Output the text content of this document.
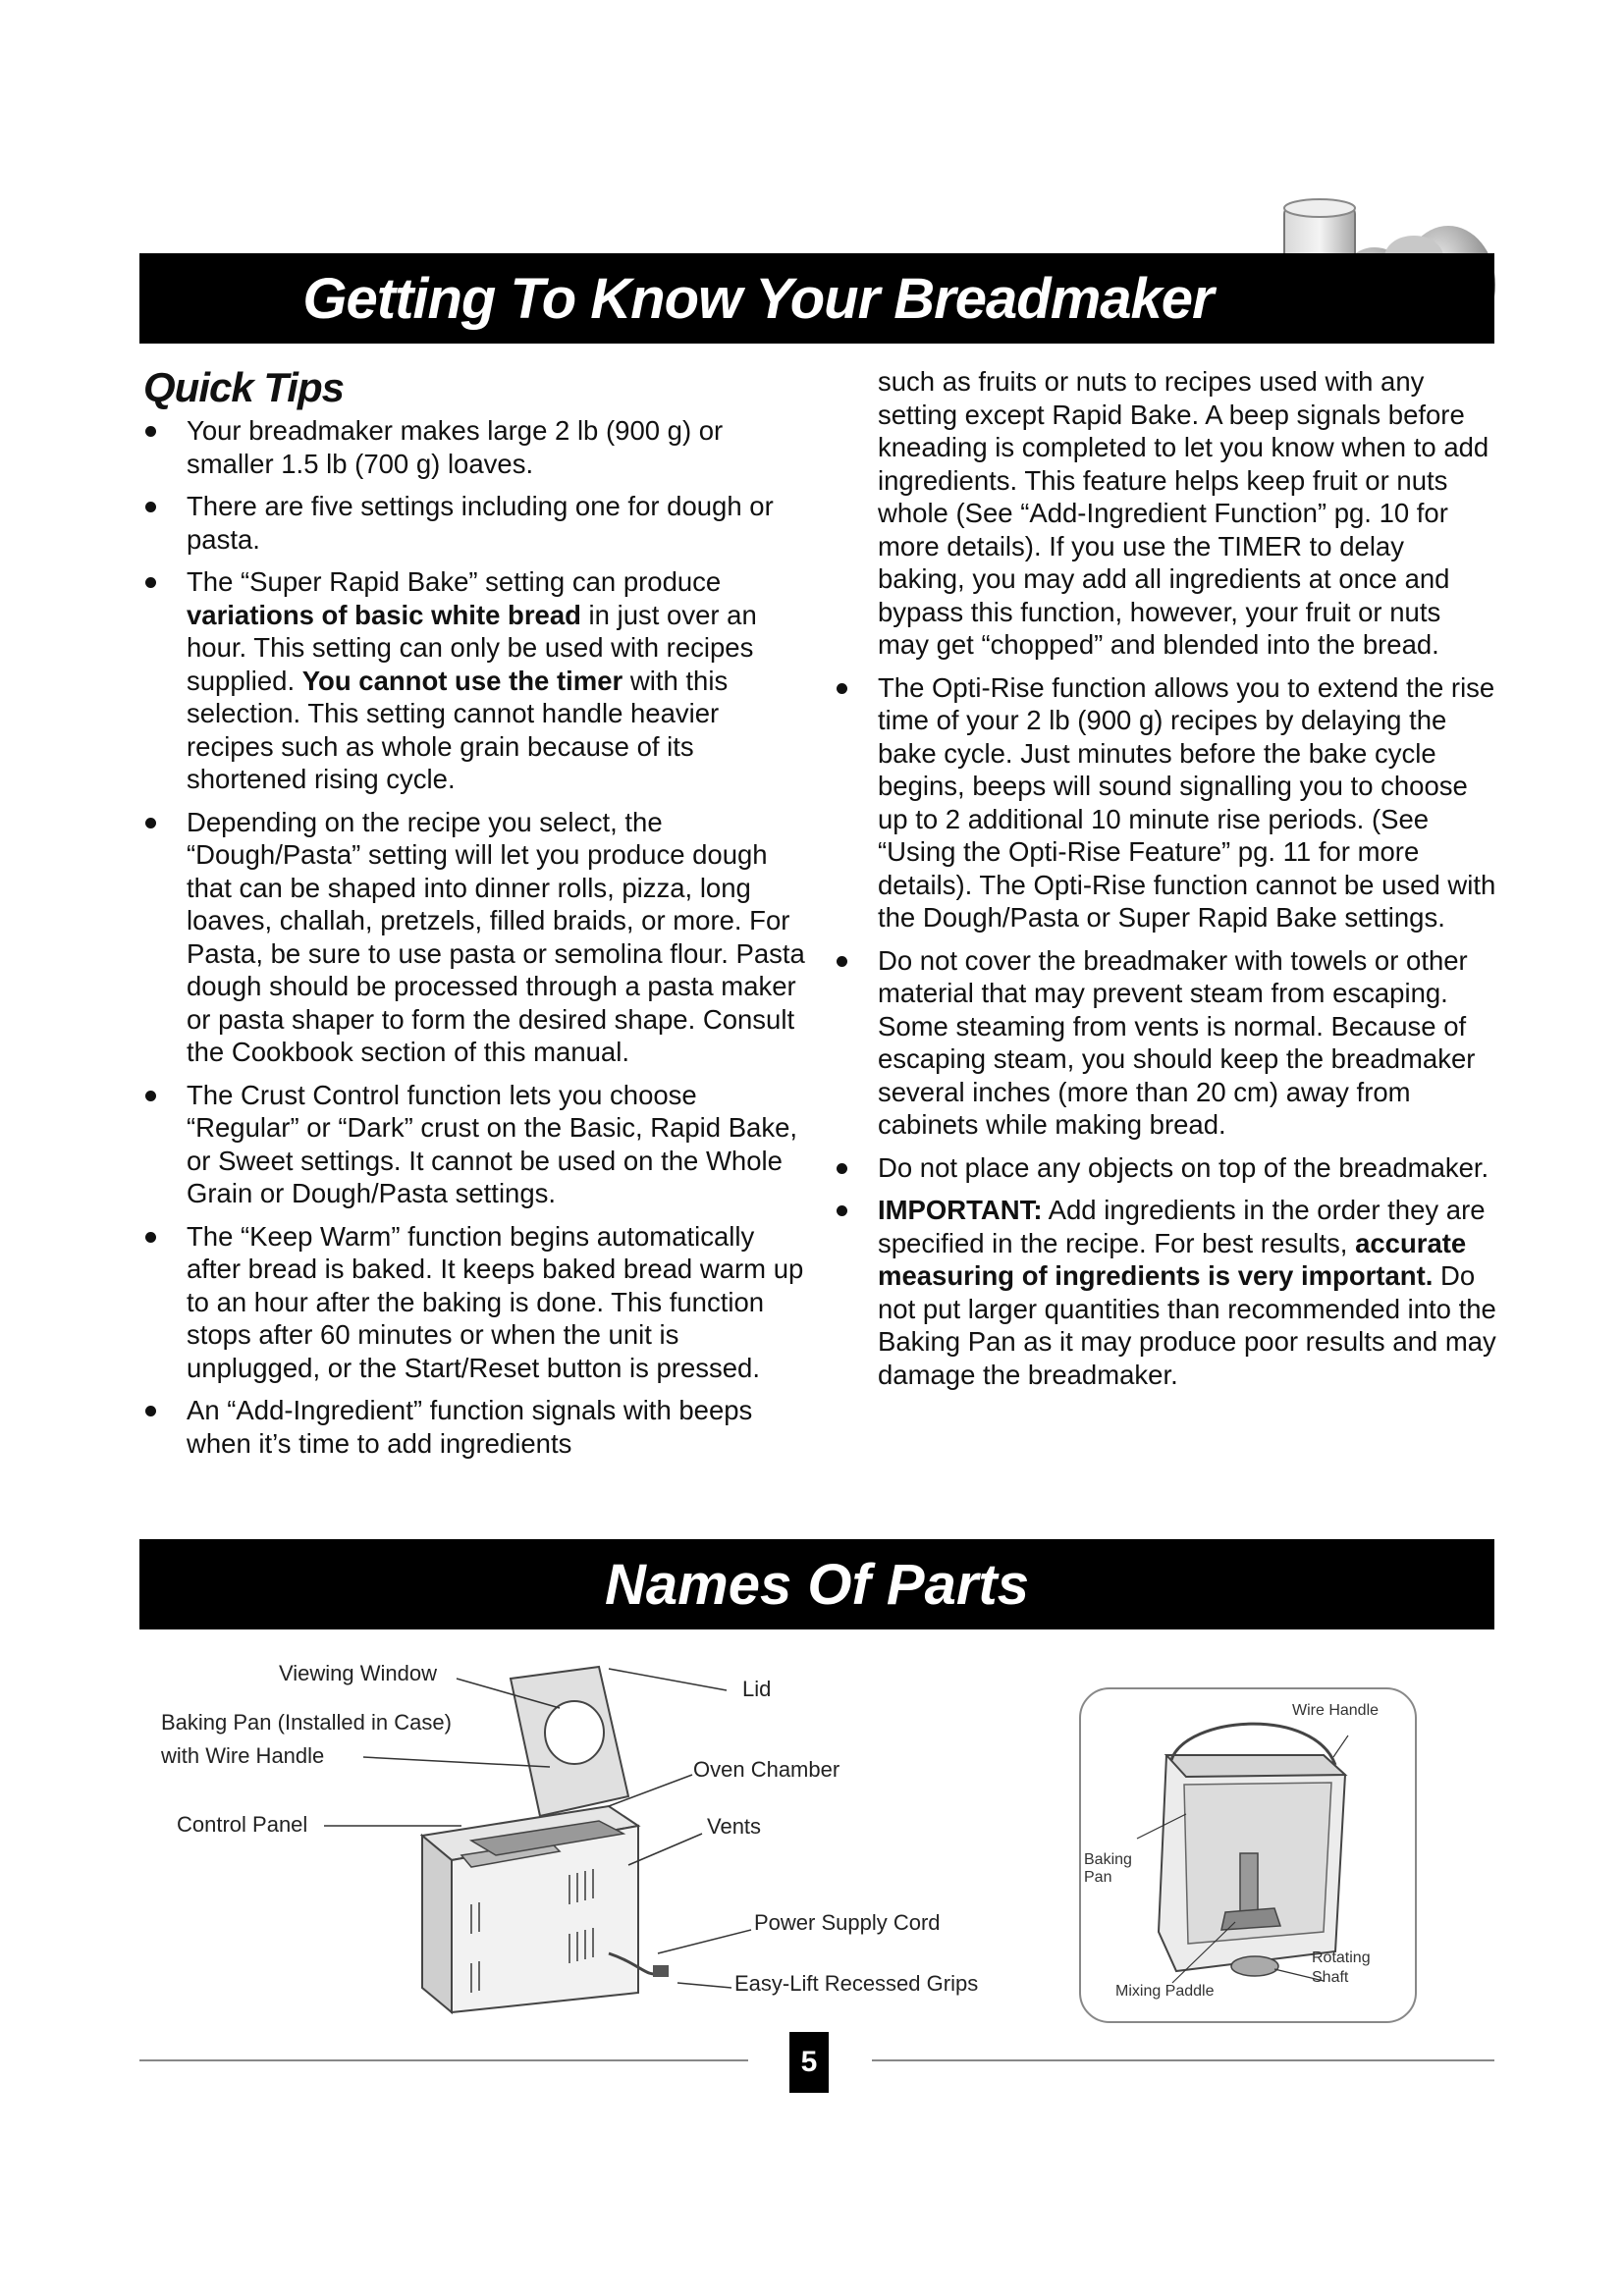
Getting To Know Your Breadmaker
Quick Tips
Your breadmaker makes large 2 lb (900 g) or smaller 1.5 lb (700 g) loaves.
There are five settings including one for dough or pasta.
The “Super Rapid Bake” setting can produce variations of basic white bread in just over an hour. This setting can only be used with recipes supplied. You cannot use the timer with this selection. This setting cannot handle heavier recipes such as whole grain because of its shortened rising cycle.
Depending on the recipe you select, the “Dough/Pasta” setting will let you produce dough that can be shaped into dinner rolls, pizza, long loaves, challah, pretzels, filled braids, or more. For Pasta, be sure to use pasta or semolina flour. Pasta dough should be processed through a pasta maker or pasta shaper to form the desired shape. Consult the Cookbook section of this manual.
The Crust Control function lets you choose “Regular” or “Dark” crust on the Basic, Rapid Bake, or Sweet settings. It cannot be used on the Whole Grain or Dough/Pasta settings.
The “Keep Warm” function begins automatically after bread is baked. It keeps baked bread warm up to an hour after the baking is done. This function stops after 60 minutes or when the unit is unplugged, or the Start/Reset button is pressed.
An “Add-Ingredient” function signals with beeps when it’s time to add ingredients
such as fruits or nuts to recipes used with any setting except Rapid Bake. A beep signals before kneading is completed to let you know when to add ingredients. This feature helps keep fruit or nuts whole (See “Add-Ingredient Function” pg. 10 for more details). If you use the TIMER to delay baking, you may add all ingredients at once and bypass this function, however, your fruit or nuts may get “chopped” and blended into the bread.
The Opti-Rise function allows you to extend the rise time of your 2 lb (900 g) recipes by delaying the bake cycle. Just minutes before the bake cycle begins, beeps will sound signalling you to choose up to 2 additional 10 minute rise periods. (See “Using the Opti-Rise Feature” pg. 11 for more details). The Opti-Rise function cannot be used with the Dough/Pasta or Super Rapid Bake settings.
Do not cover the breadmaker with towels or other material that may prevent steam from escaping. Some steaming from vents is normal. Because of escaping steam, you should keep the breadmaker several inches (more than 20 cm) away from cabinets while making bread.
Do not place any objects on top of the breadmaker.
IMPORTANT: Add ingredients in the order they are specified in the recipe. For best results, accurate measuring of ingredients is very important. Do not put larger quantities than recommended into the Baking Pan as it may produce poor results and may damage the breadmaker.
Names Of Parts
Viewing Window
Baking Pan (Installed in Case)
with Wire Handle
Control Panel
Lid
Oven Chamber
Vents
Power Supply Cord
Easy-Lift Recessed Grips
Wire Handle
Baking
Pan
Rotating
Shaft
Mixing Paddle
5
